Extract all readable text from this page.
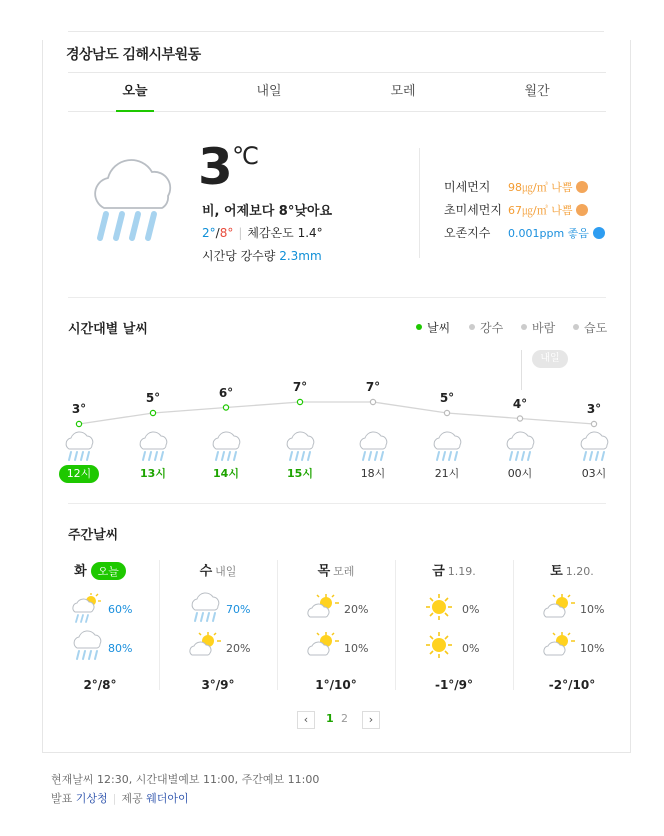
경상남도 김해시부원동
오늘	내일	모레	월간
3 ℃
비, 어제보다 8°낮아요
2°/8° | 체감온도 1.4°
시간당 강수량 2.3mm
미세먼지 98㎍/㎥ 나쁨
초미세먼지 67㎍/㎥ 나쁨
오존지수 0.001ppm 좋음
시간대별 날씨	날씨	강수	바람	습도
내일
3°
12시
5°
13시
6°
14시
7°
15시
7°
18시
5°
21시
4°
00시
3°
03시
주간날씨
화 오늘
60%
80%
2°/8°
수 내일
70%
20%
3°/9°
목 모레
20%
10%
1°/10°
금 1.19.
0%
0%
-1°/9°
토 1.20.
10%
10%
-2°/10°
‹	1 2	›
현재날씨 12:30, 시간대별예보 11:00, 주간예보 11:00
발표 기상청 | 제공 웨더아이
